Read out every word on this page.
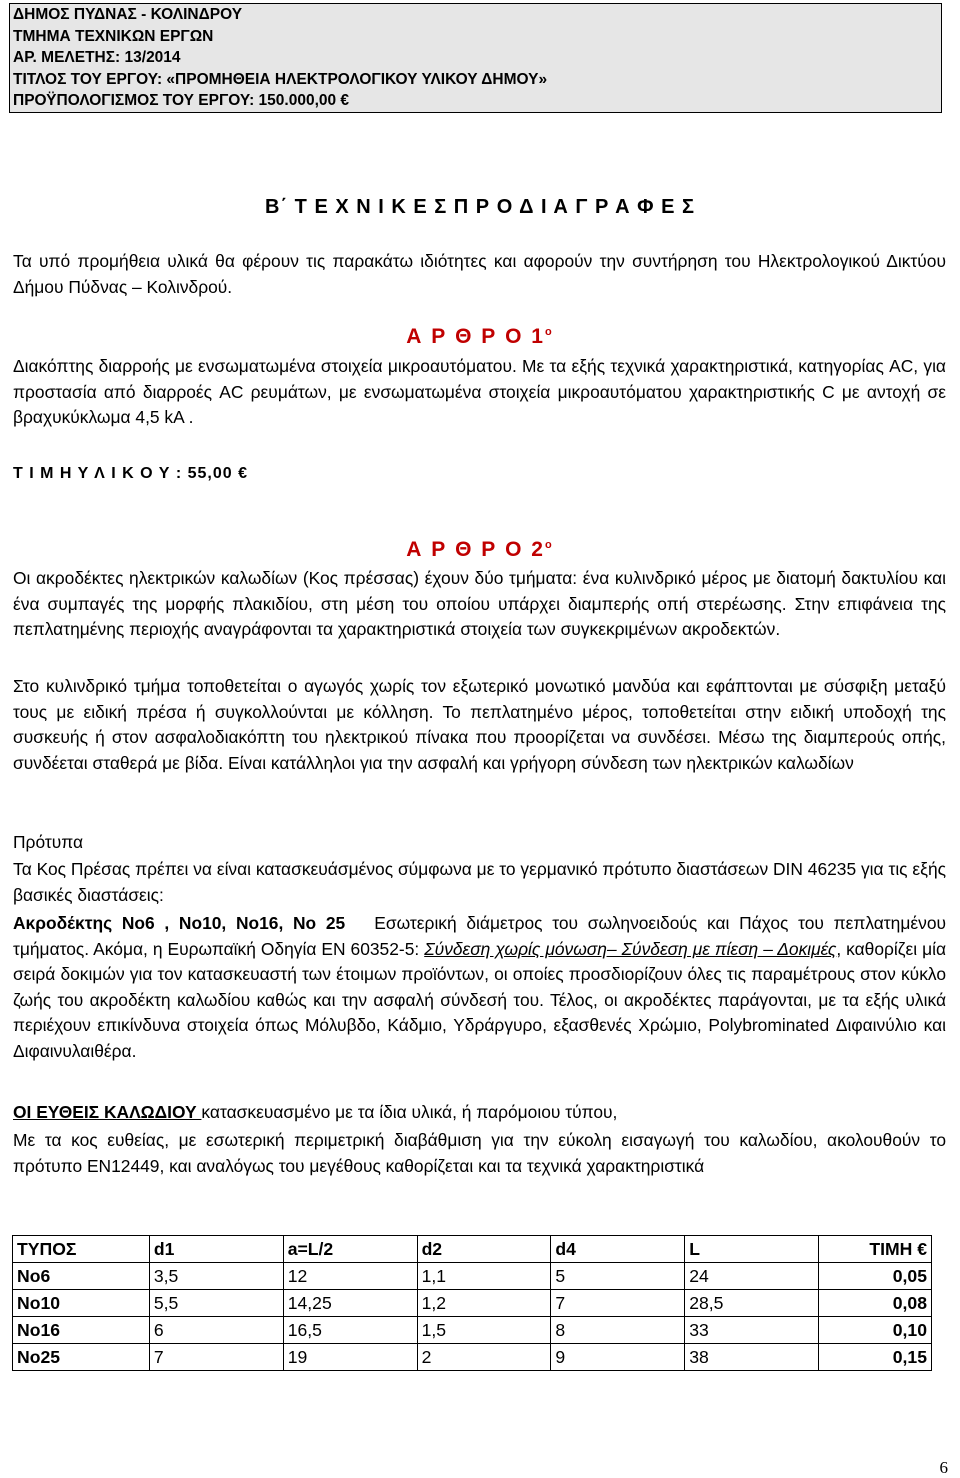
ΔΗΜΟΣ ΠΥΔΝΑΣ - ΚΟΛΙΝΔΡΟΥ
ΤΜΗΜΑ ΤΕΧΝΙΚΩΝ ΕΡΓΩΝ
ΑΡ. ΜΕΛΕΤΗΣ: 13/2014
ΤΙΤΛΟΣ ΤΟΥ ΕΡΓΟΥ: «ΠΡΟΜΗΘΕΙΑ ΗΛΕΚΤΡΟΛΟΓΙΚΟΥ ΥΛΙΚΟΥ ΔΗΜΟΥ»
ΠΡΟΫΠΟΛΟΓΙΣΜΟΣ ΤΟΥ ΕΡΓΟΥ: 150.000,00 €
Β΄ Τ Ε Χ Ν Ι Κ Ε Σ Π Ρ Ο Δ Ι Α Γ Ρ Α Φ Ε Σ
Τα υπό προμήθεια υλικά θα φέρουν τις παρακάτω ιδιότητες και αφορούν την συντήρηση του Ηλεκτρολογικού Δικτύου Δήμου Πύδνας – Κολινδρού.
Α Ρ Θ Ρ Ο $1^o$
Διακόπτης διαρροής με ενσωματωμένα στοιχεία μικροαυτόματου. Με τα εξής τεχνικά χαρακτηριστικά, κατηγορίας AC, για προστασία από διαρροές AC ρευμάτων, με ενσωματωμένα στοιχεία μικροαυτόματου χαρακτηριστικής C με αντοχή σε βραχυκύκλωμα 4,5 kA .
Τ Ι Μ Η Υ Λ Ι Κ Ο Υ : 55,00 €
Α Ρ Θ Ρ Ο $2^o$
Οι ακροδέκτες ηλεκτρικών καλωδίων (Κος πρέσσας) έχουν δύο τμήματα: ένα κυλινδρικό μέρος με διατομή δακτυλίου και ένα συμπαγές της μορφής πλακιδίου, στη μέση του οποίου υπάρχει διαμπερής οπή στερέωσης. Στην επιφάνεια της πεπλατημένης περιοχής αναγράφονται τα χαρακτηριστικά στοιχεία των συγκεκριμένων ακροδεκτών.
Στο κυλινδρικό τμήμα τοποθετείται ο αγωγός χωρίς τον εξωτερικό μονωτικό μανδύα και εφάπτονται με σύσφιξη μεταξύ τους με ειδική πρέσα ή συγκολλούνται με κόλληση. Το πεπλατημένο μέρος, τοποθετείται στην ειδική υποδοχή της συσκευής ή στον ασφαλοδιακόπτη του ηλεκτρικού πίνακα που προορίζεται να συνδέσει. Μέσω της διαμπερούς οπής, συνδέεται σταθερά με βίδα. Είναι κατάλληλοι για την ασφαλή και γρήγορη σύνδεση των ηλεκτρικών καλωδίων
Πρότυπα
Τα Κος Πρέσας πρέπει να είναι κατασκευάσμένος σύμφωνα με το γερμανικό πρότυπο διαστάσεων DIN 46235 για τις εξής βασικές διαστάσεις:
Ακροδέκτης Νο6 , Νο10, Νο16, Νο 25 Εσωτερική διάμετρος του σωληνοειδούς και Πάχος του πεπλατημένου τμήματος. Ακόμα, η Ευρωπαϊκή Οδηγία EN 60352-5: Σύνδεση χωρίς μόνωση– Σύνδεση με πίεση – Δοκιμές, καθορίζει μία σειρά δοκιμών για τον κατασκευαστή των έτοιμων προϊόντων, οι οποίες προσδιορίζουν όλες τις παραμέτρους στον κύκλο ζωής του ακροδέκτη καλωδίου καθώς και την ασφαλή σύνδεσή του. Τέλος, οι ακροδέκτες παράγονται, με τα εξής υλικά περιέχουν επικίνδυνα στοιχεία όπως Μόλυβδο, Κάδμιο, Υδράργυρο, εξασθενές Χρώμιο, Polybrominated Διφαινύλιο και Διφαινυλαιθέρα.
ΟΙ ΕΥΘΕΙΣ ΚΑΛΩΔΙΟΥ κατασκευασμένο με τα ίδια υλικά, ή παρόμοιου τύπου,
Με τα κος ευθείας, με εσωτερική περιμετρική διαβάθμιση για την εύκολη εισαγωγή του καλωδίου, ακολουθούν το πρότυπο ΕΝ12449, και αναλόγως του μεγέθους καθορίζεται και τα τεχνικά χαρακτηριστικά
ΤΥΠΟΣ	d1	a=L/2	d2	d4	L	ΤΙΜΗ €
Νο6	3,5	12	1,1	5	24	0,05
Νο10	5,5	14,25	1,2	7	28,5	0,08
Νο16	6	16,5	1,5	8	33	0,10
Νο25	7	19	2	9	38	0,15
6
